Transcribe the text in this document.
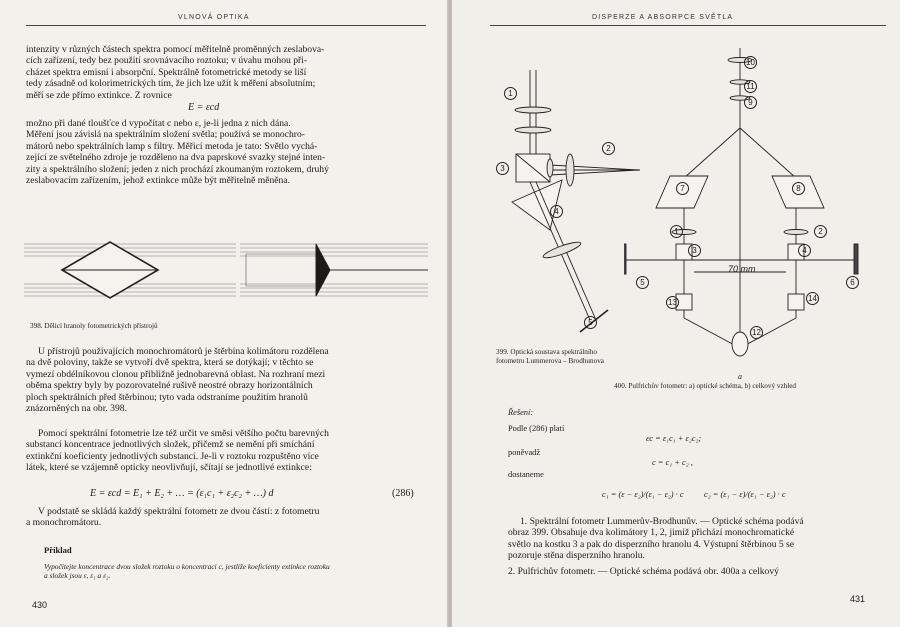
VLNOVÁ OPTIKA
intenzity v různých částech spektra pomocí měřitelně proměnných zeslabova-
cích zařízení, tedy bez použití srovnávacího roztoku; v úvahu mohou při-
cházet spektra emisní i absorpční. Spektrálně fotometrické metody se liší
tedy zásadně od kolorimetrických tím, že jich lze užít k měření absolutním;
měří se zde přímo extinkce. Z rovnice
E = εcd
možno při dané tloušťce d vypočítat c nebo ε, je-li jedna z nich dána.
Měření jsou závislá na spektrálním složení světla; používá se monochro-
mátorů nebo spektrálních lamp s filtry. Měřicí metoda je tato: Světlo vychá-
zející ze světelného zdroje je rozděleno na dva paprskové svazky stejné inten-
zity a spektrálního složení; jeden z nich prochází zkoumaným roztokem, druhý
zeslabovacím zařízením, jehož extinkce může být měřitelně měněna.
398. Dělicí hranoly fotometrických přístrojů
U přístrojů používajících monochromátorů je štěrbina kolimátoru rozdělena
na dvě poloviny, takže se vytvoří dvě spektra, která se dotýkají; v těchto se
vymezí obdélníkovou clonou přibližně jednobarevná oblast. Na rozhraní mezi
oběma spektry byly by pozorovatelné rušivě neostré obrazy horizontálních
ploch spektrálních před štěrbinou; tyto vada odstraníme použitím hranolů
znázorněných na obr. 398.
Pomocí spektrální fotometrie lze též určit ve směsi většího počtu barevných
substancí koncentrace jednotlivých složek, přičemž se nemění při smíchání
extinkční koeficienty jednotlivých substancí. Je-li v roztoku rozpuštěno více
látek, které se vzájemně opticky neovlivňují, sčítají se jednotlivé extinkce:
E = εcd = E₁ + E₂ + … = (ε₁c₁ + ε₂c₂ + …) d	(286)
V podstatě se skládá každý spektrální fotometr ze dvou částí: z fotometru
a monochromátoru.
Příklad
Vypočítejte koncentrace dvou složek roztoku o koncentraci c, jestliže koeficienty extinkce roztoku
a složek jsou ε, ε₁ a ε₂.
430
DISPERZE A ABSORPCE SVĚTLA
1
2
3
4
5
399. Optická soustava spektrálního
fotometru Lummerova – Brodhunova
10
11
9
7	8
1	2
3	4
5	6
13	14
12
70 mm
a
400. Pulfrichův fotometr: a) optické schéma, b) celkový vzhled
Řešení:
Podle (286) platí
εc = ε₁c₁ + ε₂c₂;
poněvadž
c = c₁ + c₂ ,
dostaneme
c₁ = (ε − ε₂)/(ε₁ − ε₂) · c c₂ = (ε₁ − ε)/(ε₁ − ε₂) · c
1. Spektrální fotometr Lummerův-Brodhunův. — Optické schéma podává
obraz 399. Obsahuje dva kolimátory 1, 2, jimiž přichází monochromatické
světlo na kostku 3 a pak do disperzního hranolu 4. Výstupní štěrbinou 5 se
pozoruje stěna disperzního hranolu.
2. Pulfrichův fotometr. — Optické schéma podává obr. 400a a celkový
431
